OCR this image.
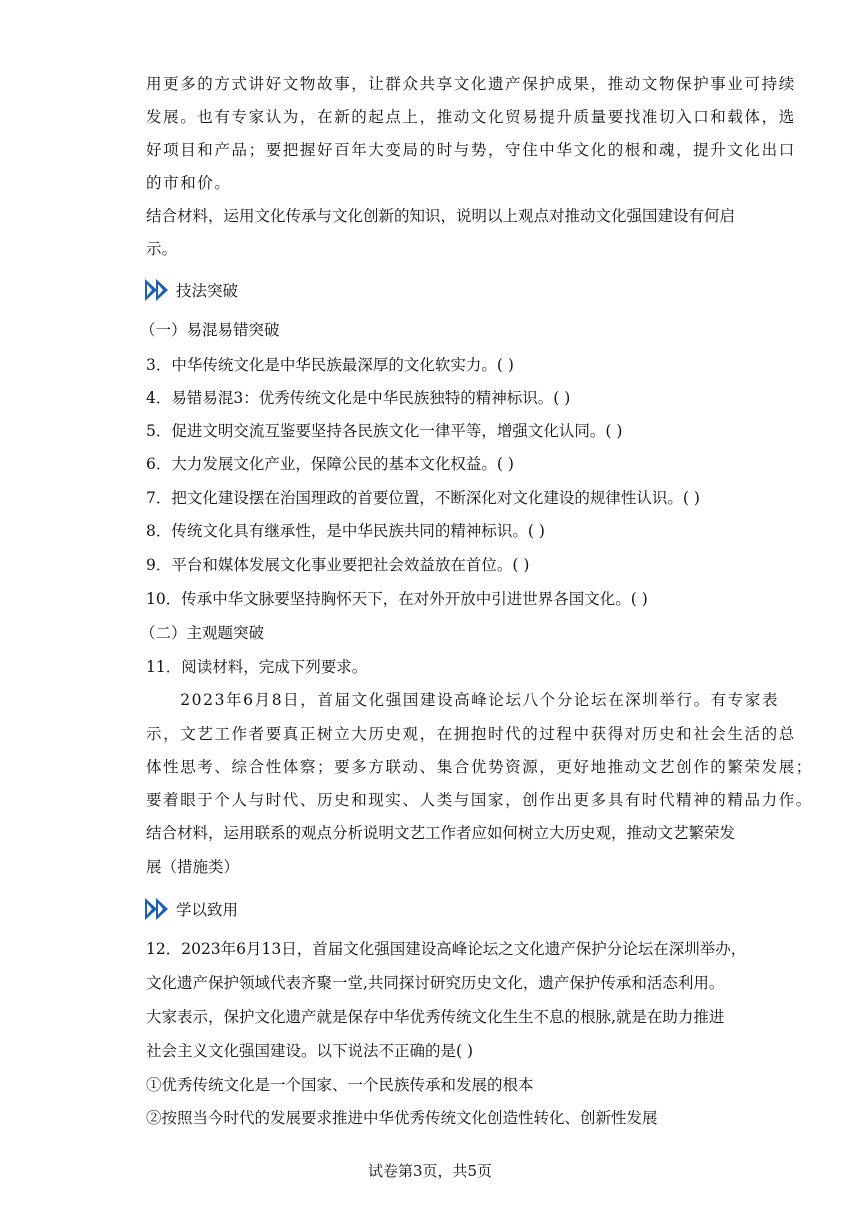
用更多的方式讲好文物故事，让群众共享文化遗产保护成果，推动文物保护事业可持续
发展。也有专家认为，在新的起点上，推动文化贸易提升质量要找准切入口和载体，选
好项目和产品；要把握好百年大变局的时与势，守住中华文化的根和魂，提升文化出口
的市和价。
结合材料，运用文化传承与文化创新的知识，说明以上观点对推动文化强国建设有何启
示。
技法突破
（一）易混易错突破
3．中华传统文化是中华民族最深厚的文化软实力。( )
4．易错易混3：优秀传统文化是中华民族独特的精神标识。( )
5．促进文明交流互鉴要坚持各民族文化一律平等，增强文化认同。( )
6．大力发展文化产业，保障公民的基本文化权益。( )
7．把文化建设摆在治国理政的首要位置，不断深化对文化建设的规律性认识。( )
8．传统文化具有继承性，是中华民族共同的精神标识。( )
9．平台和媒体发展文化事业要把社会效益放在首位。( )
10．传承中华文脉要坚持胸怀天下，在对外开放中引进世界各国文化。( )
（二）主观题突破
11．阅读材料，完成下列要求。
　　2023年6月8日，首届文化强国建设高峰论坛八个分论坛在深圳举行。有专家表
示，文艺工作者要真正树立大历史观，在拥抱时代的过程中获得对历史和社会生活的总
体性思考、综合性体察；要多方联动、集合优势资源，更好地推动文艺创作的繁荣发展；
要着眼于个人与时代、历史和现实、人类与国家，创作出更多具有时代精神的精品力作。
结合材料，运用联系的观点分析说明文艺工作者应如何树立大历史观，推动文艺繁荣发
展（措施类）
学以致用
12．2023年6月13日，首届文化强国建设高峰论坛之文化遗产保护分论坛在深圳举办，
文化遗产保护领域代表齐聚一堂,共同探讨研究历史文化，遗产保护传承和活态利用。
大家表示，保护文化遗产就是保存中华优秀传统文化生生不息的根脉,就是在助力推进
社会主义文化强国建设。以下说法不正确的是( )
①优秀传统文化是一个国家、一个民族传承和发展的根本
②按照当今时代的发展要求推进中华优秀传统文化创造性转化、创新性发展
试卷第3页，共5页
